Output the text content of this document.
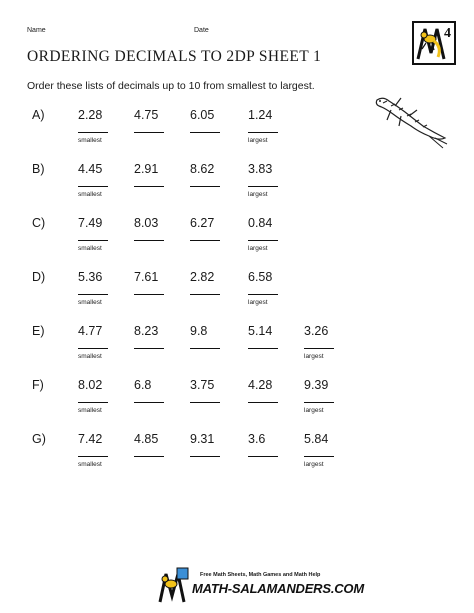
Name	Date	4
ORDERING DECIMALS TO 2DP SHEET 1
Order these lists of decimals up to 10 from smallest to largest.
A)	2.28	4.75	6.05	1.24
smallest	largest
B)	4.45	2.91	8.62	3.83
smallest	largest
C)	7.49	8.03	6.27	0.84
smallest	largest
D)	5.36	7.61	2.82	6.58
smallest	largest
E)	4.77	8.23	9.8	5.14	3.26
smallest	largest
F)	8.02	6.8	3.75	4.28	9.39
smallest	largest
G)	7.42	4.85	9.31	3.6	5.84
smallest	largest
Free Math Sheets, Math Games and Math Help
MATH-SALAMANDERS.COM
